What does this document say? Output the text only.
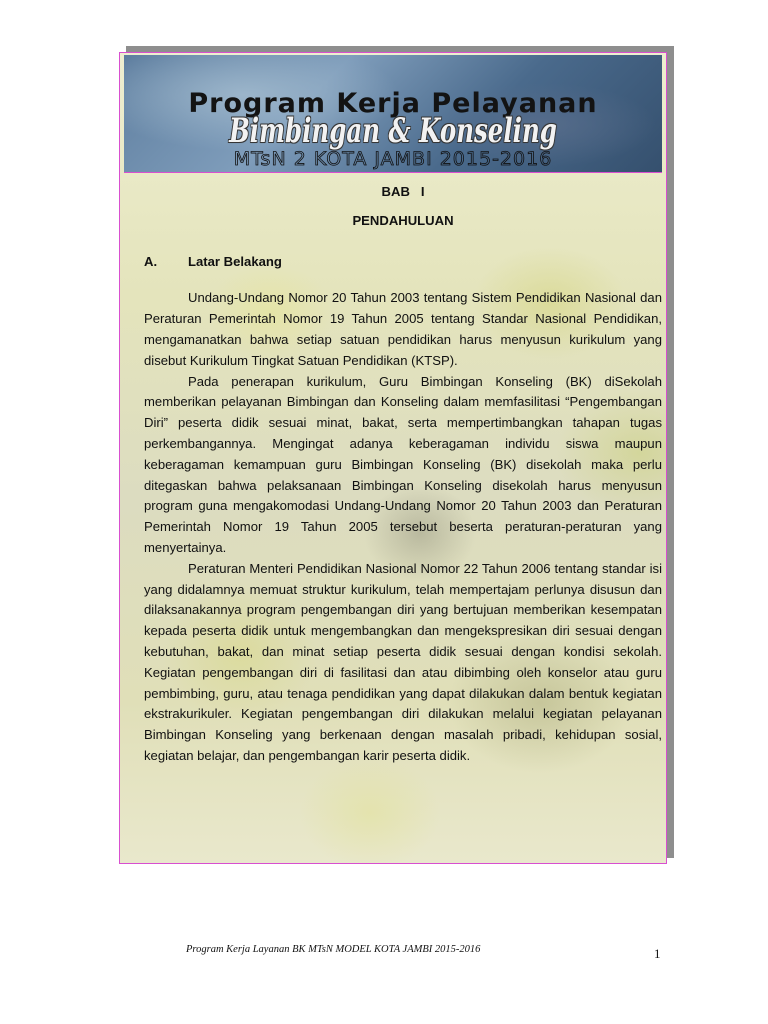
Program Kerja Pelayanan
Bimbingan & Konseling
MTsN 2 KOTA JAMBI 2015-2016
BAB   I
PENDAHULUAN
A.	Latar Belakang

Undang-Undang Nomor 20 Tahun 2003 tentang Sistem Pendidikan Nasional dan Peraturan Pemerintah Nomor 19 Tahun 2005 tentang Standar Nasional Pendidikan, mengamanatkan bahwa setiap satuan pendidikan harus menyusun kurikulum yang disebut Kurikulum Tingkat Satuan Pendidikan (KTSP).

Pada penerapan kurikulum, Guru Bimbingan Konseling (BK) diSekolah memberikan pelayanan Bimbingan dan Konseling dalam memfasilitasi “Pengembangan Diri” peserta didik sesuai minat, bakat, serta mempertimbangkan tahapan tugas perkembangannya. Mengingat adanya keberagaman individu siswa maupun keberagaman kemampuan guru Bimbingan Konseling (BK) disekolah maka perlu ditegaskan bahwa pelaksanaan Bimbingan Konseling disekolah harus menyusun program guna mengakomodasi Undang-Undang Nomor 20 Tahun 2003 dan Peraturan Pemerintah Nomor 19 Tahun 2005 tersebut beserta peraturan-peraturan yang menyertainya.

Peraturan Menteri Pendidikan Nasional Nomor 22 Tahun 2006 tentang standar isi yang didalamnya memuat struktur kurikulum, telah mempertajam perlunya disusun dan dilaksanakannya program pengembangan diri yang bertujuan memberikan kesempatan kepada peserta didik untuk mengembangkan dan mengekspresikan diri sesuai dengan kebutuhan, bakat, dan minat setiap peserta didik sesuai dengan kondisi sekolah. Kegiatan pengembangan diri di fasilitasi dan atau dibimbing oleh konselor atau guru pembimbing, guru, atau tenaga pendidikan yang dapat dilakukan dalam bentuk kegiatan ekstrakurikuler. Kegiatan pengembangan diri dilakukan melalui kegiatan pelayanan Bimbingan Konseling yang berkenaan dengan masalah pribadi, kehidupan sosial, kegiatan belajar, dan pengembangan karir peserta didik.

Program Kerja Layanan BK MTsN MODEL KOTA JAMBI 2015-2016	1
